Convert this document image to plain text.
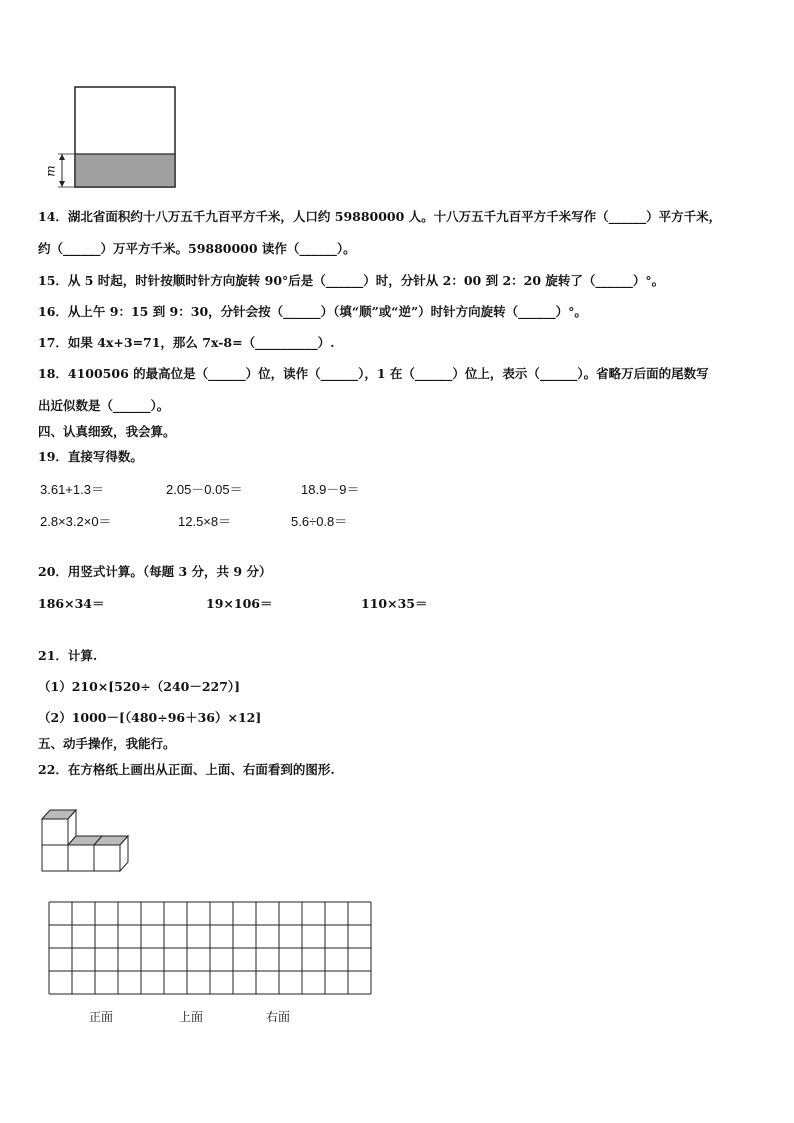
m
14．湖北省面积约十八万五千九百平方千米，人口约 59880000 人。十八万五千九百平方千米写作（______）平方千米，
约（______）万平方千米。59880000 读作（______）。
15．从 5 时起，时针按顺时针方向旋转 90°后是（______）时，分针从 2：00 到 2：20 旋转了（______）°。
16．从上午 9：15 到 9：30，分针会按（______）（填“顺”或“逆”）时针方向旋转（______）°。
17．如果 4x+3=71，那么 7x-8=（__________）.
18．4100506 的最高位是（______）位，读作（______），1 在（______）位上，表示（______）。省略万后面的尾数写
出近似数是（______）。
四、认真细致，我会算。
19．直接写得数。
3.61+1.3＝	2.05－0.05＝	18.9－9＝
2.8×3.2×0＝	12.5×8＝	5.6÷0.8＝
20．用竖式计算。（每题 3 分，共 9 分）
186×34＝	19×106＝	110×35＝
21．计算.
（1）210×[520÷（240－227）]
（2）1000－[（480÷96＋36）×12]
五、动手操作，我能行。
22．在方格纸上画出从正面、上面、右面看到的图形.
正面	上面	右面
